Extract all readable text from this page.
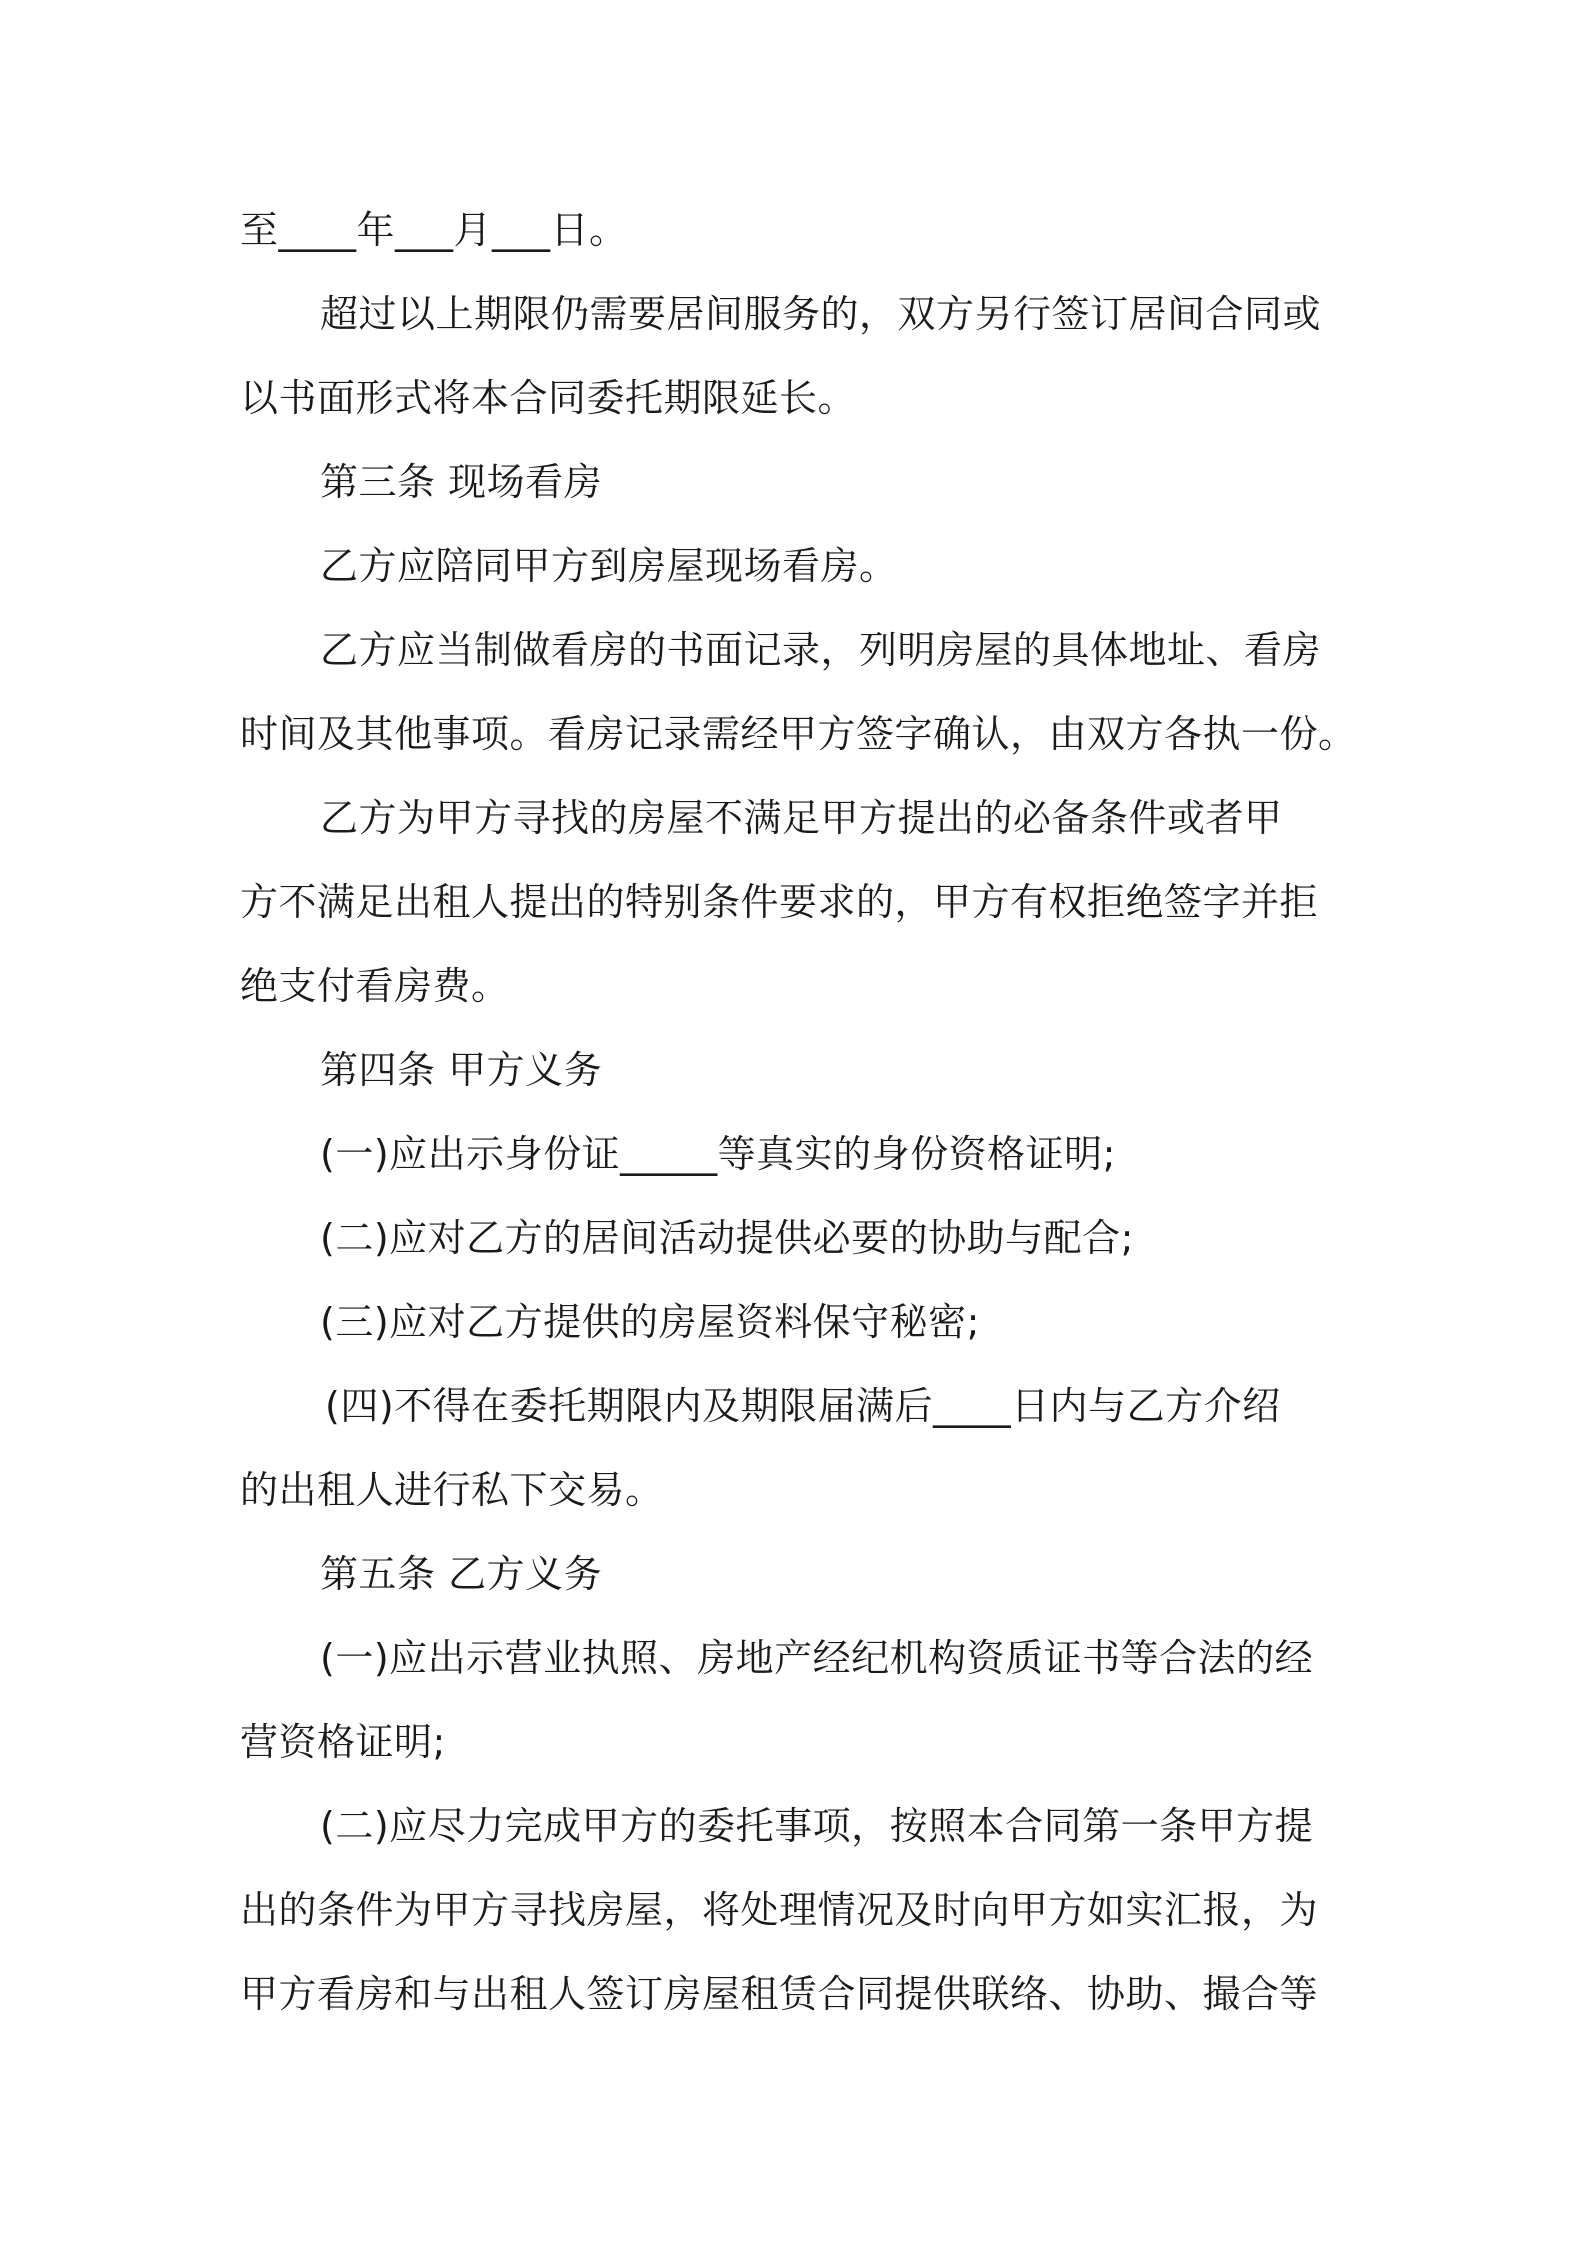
至____年___月___日。
超过以上期限仍需要居间服务的，双方另行签订居间合同或
以书面形式将本合同委托期限延长。
第三条 现场看房
乙方应陪同甲方到房屋现场看房。
乙方应当制做看房的书面记录，列明房屋的具体地址、看房
时间及其他事项。看房记录需经甲方签字确认，由双方各执一份。
乙方为甲方寻找的房屋不满足甲方提出的必备条件或者甲
方不满足出租人提出的特别条件要求的，甲方有权拒绝签字并拒
绝支付看房费。
第四条 甲方义务
(一)应出示身份证_____等真实的身份资格证明;
(二)应对乙方的居间活动提供必要的协助与配合;
(三)应对乙方提供的房屋资料保守秘密;
(四)不得在委托期限内及期限届满后____日内与乙方介绍
的出租人进行私下交易。
第五条 乙方义务
(一)应出示营业执照、房地产经纪机构资质证书等合法的经
营资格证明;
(二)应尽力完成甲方的委托事项，按照本合同第一条甲方提
出的条件为甲方寻找房屋，将处理情况及时向甲方如实汇报，为
甲方看房和与出租人签订房屋租赁合同提供联络、协助、撮合等
